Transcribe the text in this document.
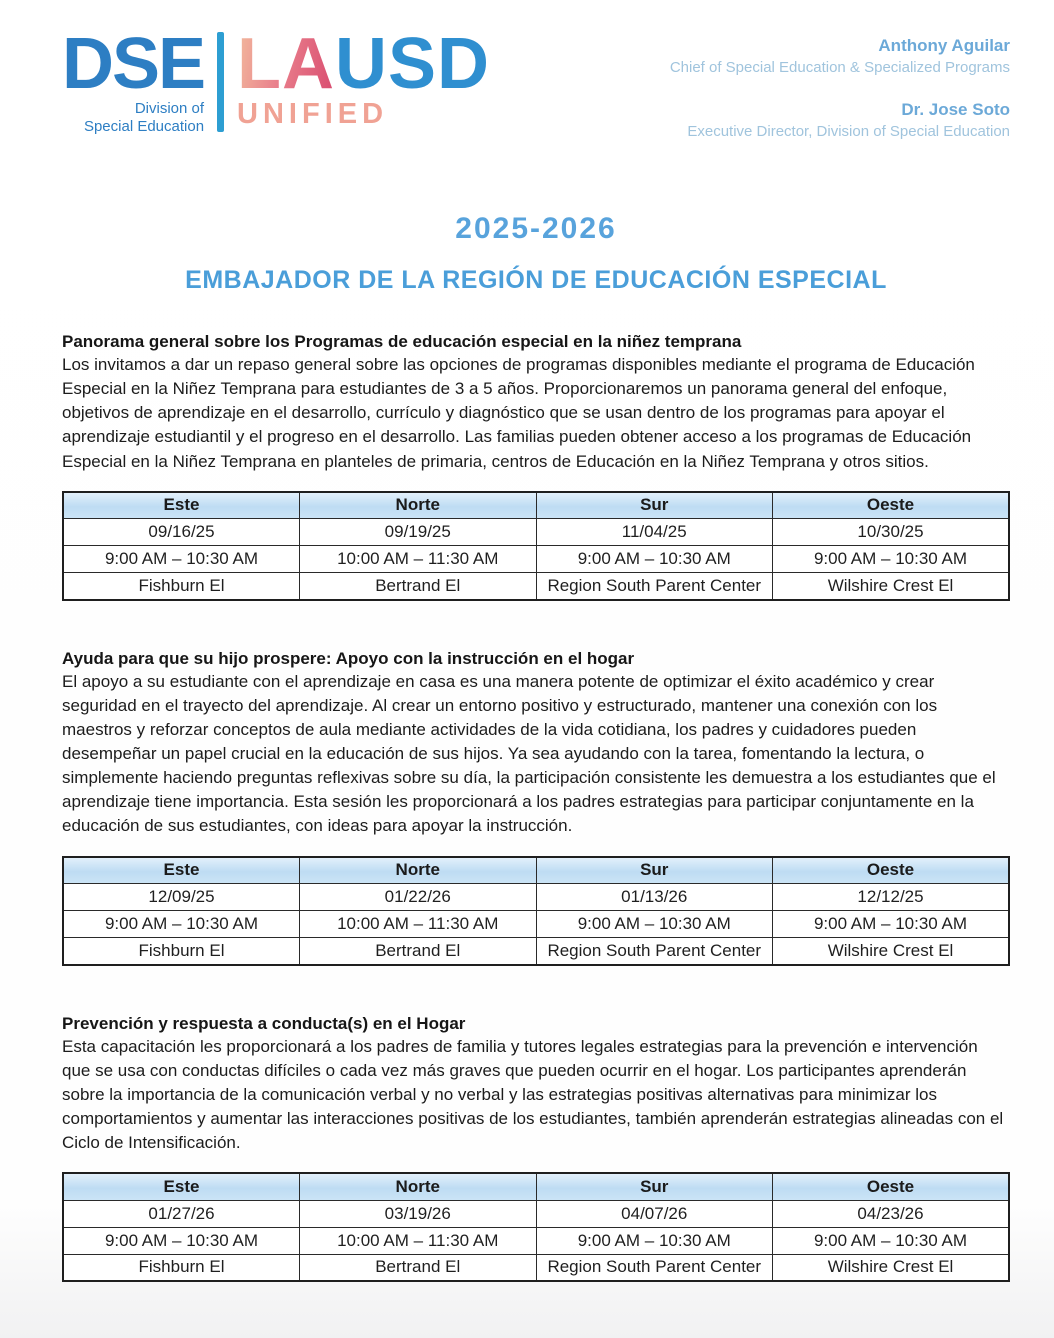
DSE
Division of
Special Education
LAUSD
UNIFIED
Anthony Aguilar
Chief of Special Education & Specialized Programs
Dr. Jose Soto
Executive Director, Division of Special Education
2025-2026
EMBAJADOR DE LA REGIÓN DE EDUCACIÓN ESPECIAL
Panorama general sobre los Programas de educación especial en la niñez temprana

Los invitamos a dar un repaso general sobre las opciones de programas disponibles mediante el programa de Educación Especial en la Niñez Temprana para estudiantes de 3 a 5 años. Proporcionaremos un panorama general del enfoque, objetivos de aprendizaje en el desarrollo, currículo y diagnóstico que se usan dentro de los programas para apoyar el aprendizaje estudiantil y el progreso en el desarrollo. Las familias pueden obtener acceso a los programas de Educación Especial en la Niñez Temprana en planteles de primaria, centros de Educación en la Niñez Temprana y otros sitios.

Este	Norte	Sur	Oeste
09/16/25	09/19/25	11/04/25	10/30/25
9:00 AM – 10:30 AM	10:00 AM – 11:30 AM	9:00 AM – 10:30 AM	9:00 AM – 10:30 AM
Fishburn El	Bertrand El	Region South Parent Center	Wilshire Crest El
Ayuda para que su hijo prospere: Apoyo con la instrucción en el hogar

El apoyo a su estudiante con el aprendizaje en casa es una manera potente de optimizar el éxito académico y crear seguridad en el trayecto del aprendizaje. Al crear un entorno positivo y estructurado, mantener una conexión con los maestros y reforzar conceptos de aula mediante actividades de la vida cotidiana, los padres y cuidadores pueden desempeñar un papel crucial en la educación de sus hijos. Ya sea ayudando con la tarea, fomentando la lectura, o simplemente haciendo preguntas reflexivas sobre su día, la participación consistente les demuestra a los estudiantes que el aprendizaje tiene importancia. Esta sesión les proporcionará a los padres estrategias para participar conjuntamente en la educación de sus estudiantes, con ideas para apoyar la instrucción.

Este	Norte	Sur	Oeste
12/09/25	01/22/26	01/13/26	12/12/25
9:00 AM – 10:30 AM	10:00 AM – 11:30 AM	9:00 AM – 10:30 AM	9:00 AM – 10:30 AM
Fishburn El	Bertrand El	Region South Parent Center	Wilshire Crest El
Prevención y respuesta a conducta(s) en el Hogar

Esta capacitación les proporcionará a los padres de familia y tutores legales estrategias para la prevención e intervención que se usa con conductas difíciles o cada vez más graves que pueden ocurrir en el hogar. Los participantes aprenderán sobre la importancia de la comunicación verbal y no verbal y las estrategias positivas alternativas para minimizar los comportamientos y aumentar las interacciones positivas de los estudiantes, también aprenderán estrategias alineadas con el Ciclo de Intensificación.

Este	Norte	Sur	Oeste
01/27/26	03/19/26	04/07/26	04/23/26
9:00 AM – 10:30 AM	10:00 AM – 11:30 AM	9:00 AM – 10:30 AM	9:00 AM – 10:30 AM
Fishburn El	Bertrand El	Region South Parent Center	Wilshire Crest El
